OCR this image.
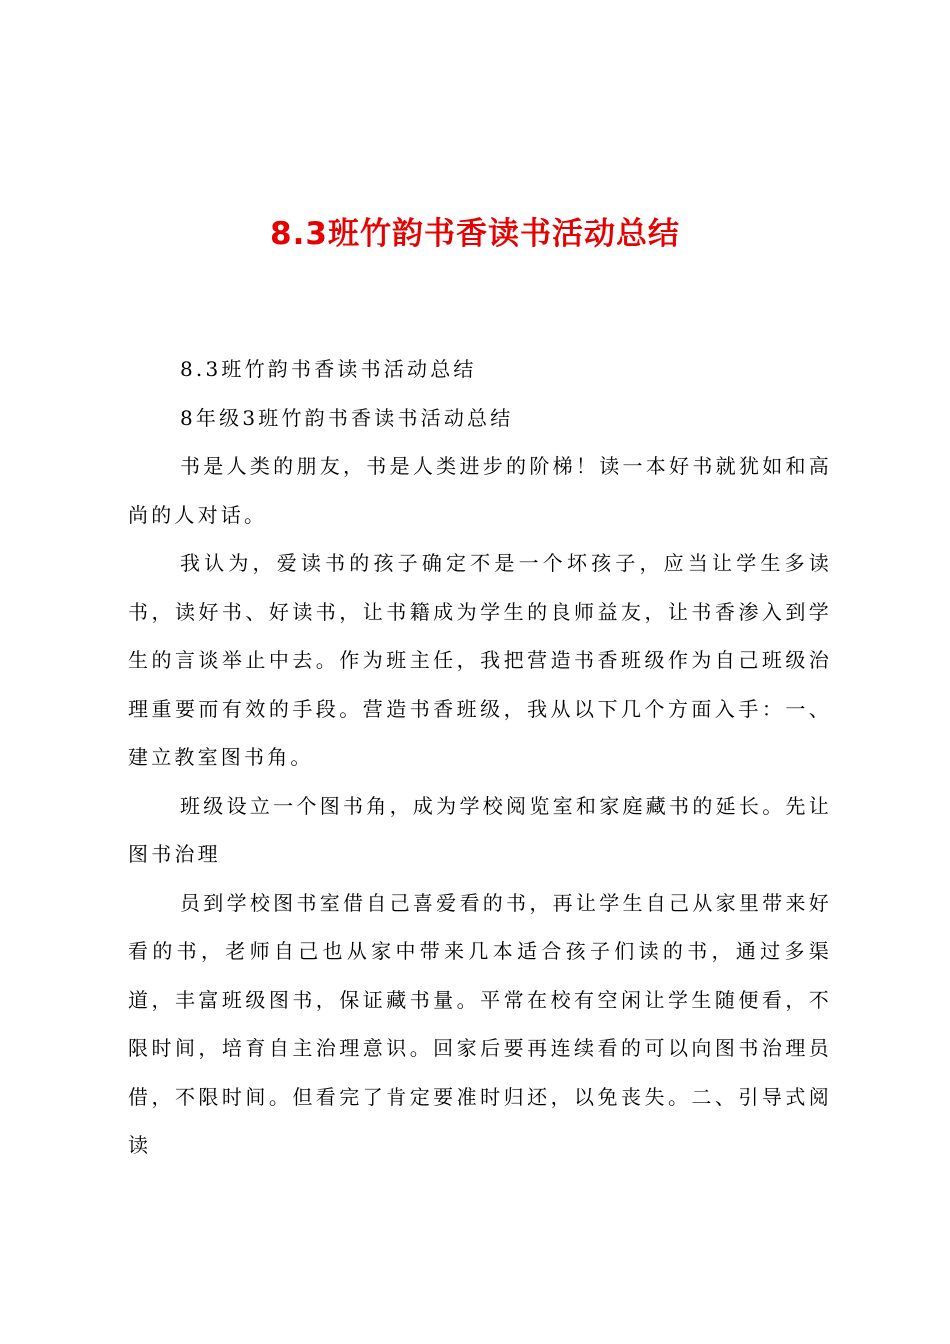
8.3班竹韵书香读书活动总结

8.3班竹韵书香读书活动总结

8年级3班竹韵书香读书活动总结

书是人类的朋友，书是人类进步的阶梯！读一本好书就犹如和高尚的人对话。

我认为，爱读书的孩子确定不是一个坏孩子，应当让学生多读书，读好书、好读书，让书籍成为学生的良师益友，让书香渗入到学生的言谈举止中去。作为班主任，我把营造书香班级作为自己班级治理重要而有效的手段。营造书香班级，我从以下几个方面入手：一、建立教室图书角。

班级设立一个图书角，成为学校阅览室和家庭藏书的延长。先让图书治理

员到学校图书室借自己喜爱看的书，再让学生自己从家里带来好看的书，老师自己也从家中带来几本适合孩子们读的书，通过多渠道，丰富班级图书，保证藏书量。平常在校有空闲让学生随便看，不限时间，培育自主治理意识。回家后要再连续看的可以向图书治理员借，不限时间。但看完了肯定要准时归还，以免丧失。二、引导式阅读
